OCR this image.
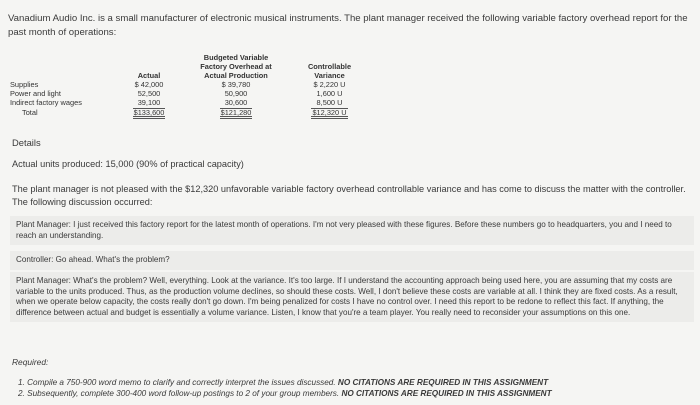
Vanadium Audio Inc. is a small manufacturer of electronic musical instruments. The plant manager received the following variable factory overhead report for the past month of operations:
Supplies
Power and light
Indirect factory wages
Total
Actual
$ 42,000
52,500
39,100
$133,600
Budgeted Variable
Factory Overhead at
Actual Production
$ 39,780
50,900
30,600
$121,280
Controllable
Variance
$ 2,220 U
1,600 U
8,500 U
$12,320 U
Details
Actual units produced: 15,000 (90% of practical capacity)
The plant manager is not pleased with the $12,320 unfavorable variable factory overhead controllable variance and has come to discuss the matter with the controller. The following discussion occurred:
Plant Manager: I just received this factory report for the latest month of operations. I'm not very pleased with these figures. Before these numbers go to headquarters, you and I need to reach an understanding.
Controller: Go ahead. What's the problem?
Plant Manager: What's the problem? Well, everything. Look at the variance. It's too large. If I understand the accounting approach being used here, you are assuming that my costs are variable to the units produced. Thus, as the production volume declines, so should these costs. Well, I don't believe these costs are variable at all. I think they are fixed costs. As a result, when we operate below capacity, the costs really don't go down. I'm being penalized for costs I have no control over. I need this report to be redone to reflect this fact. If anything, the difference between actual and budget is essentially a volume variance. Listen, I know that you're a team player. You really need to reconsider your assumptions on this one.
Required:
1. Compile a 750-900 word memo to clarify and correctly interpret the issues discussed. NO CITATIONS ARE REQUIRED IN THIS ASSIGNMENT
2. Subsequently, complete 300-400 word follow-up postings to 2 of your group members. NO CITATIONS ARE REQUIRED IN THIS ASSIGNMENT
